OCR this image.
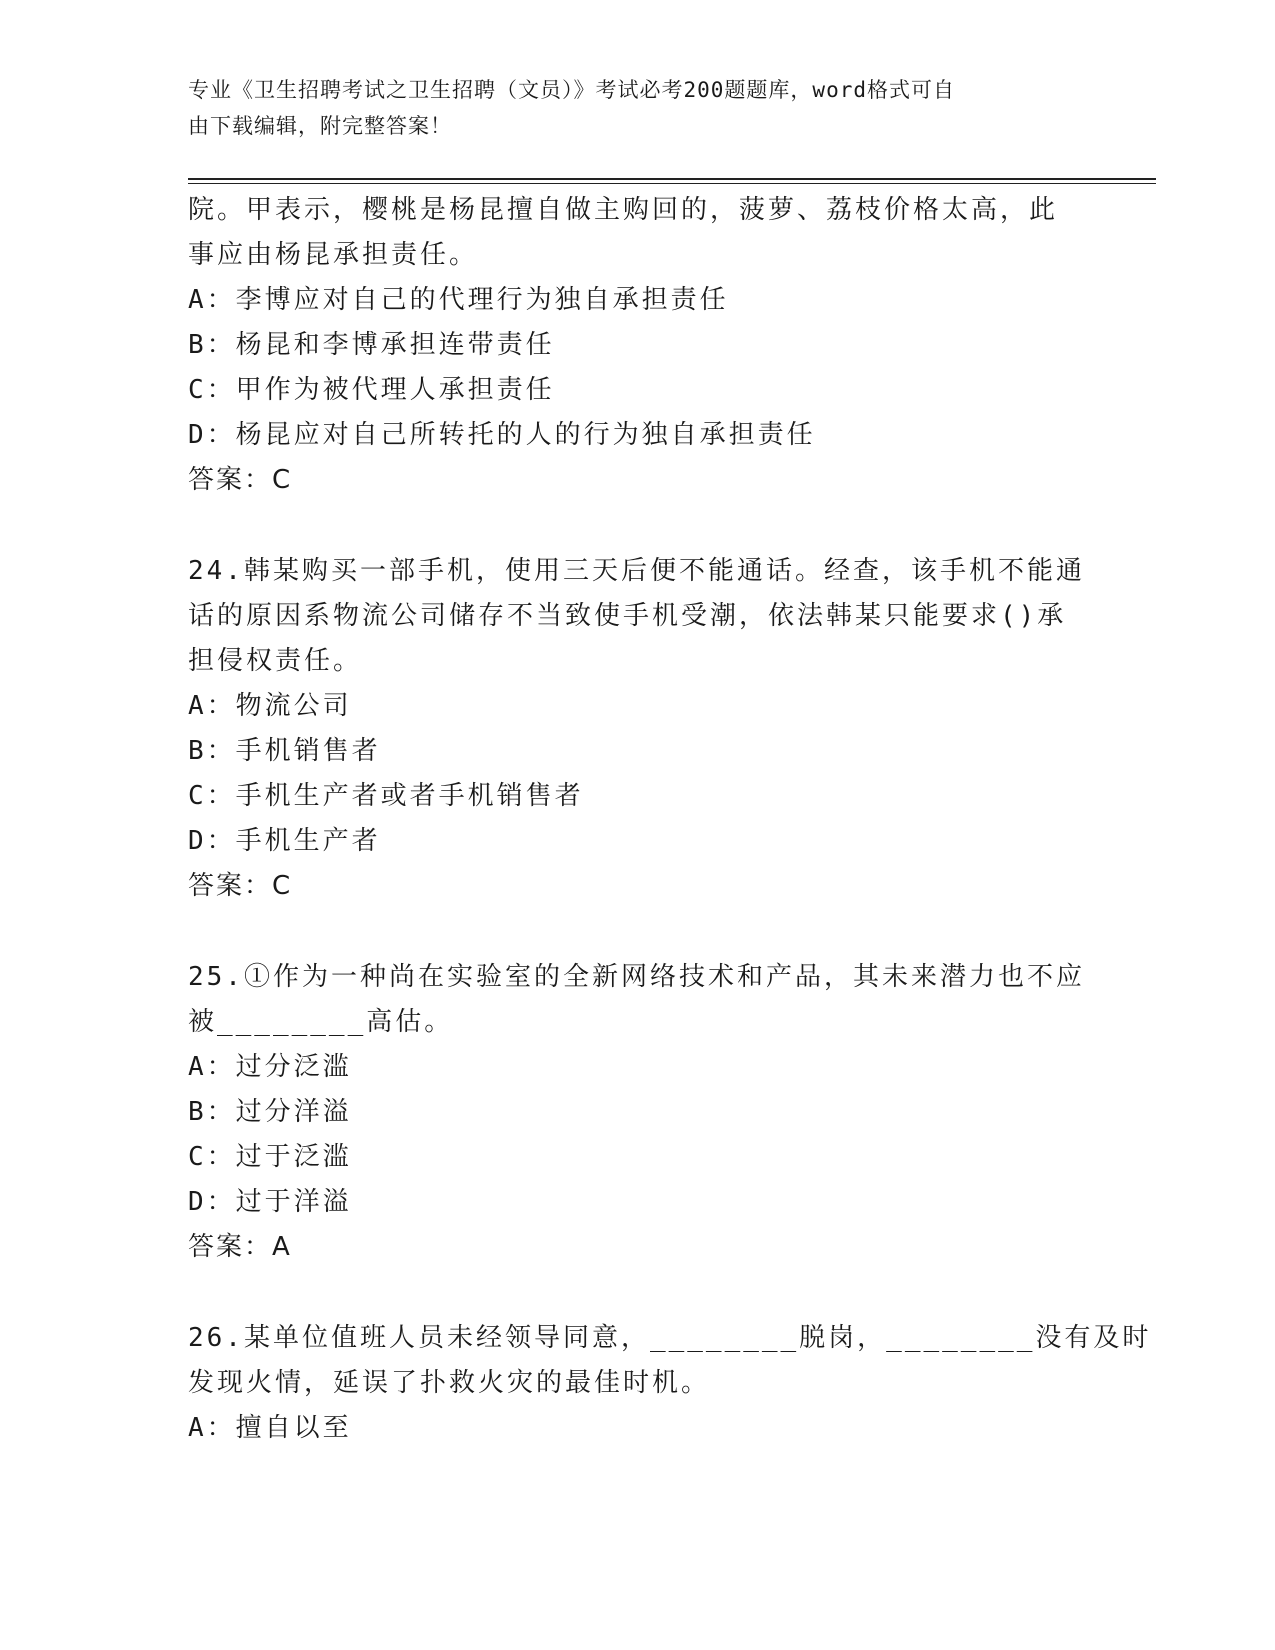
专业《卫生招聘考试之卫生招聘（文员）》考试必考200题题库，word格式可自
由下载编辑，附完整答案！
院。甲表示，樱桃是杨昆擅自做主购回的，菠萝、荔枝价格太高，此
事应由杨昆承担责任。
A：李博应对自己的代理行为独自承担责任
B：杨昆和李博承担连带责任
C：甲作为被代理人承担责任
D：杨昆应对自己所转托的人的行为独自承担责任
答案：C
24.韩某购买一部手机，使用三天后便不能通话。经查，该手机不能通
话的原因系物流公司储存不当致使手机受潮，依法韩某只能要求()承
担侵权责任。
A：物流公司
B：手机销售者
C：手机生产者或者手机销售者
D：手机生产者
答案：C
25.①作为一种尚在实验室的全新网络技术和产品，其未来潜力也不应
被________高估。
A：过分泛滥
B：过分洋溢
C：过于泛滥
D：过于洋溢
答案：A
26.某单位值班人员未经领导同意，________脱岗，________没有及时
发现火情，延误了扑救火灾的最佳时机。
A：擅自以至
